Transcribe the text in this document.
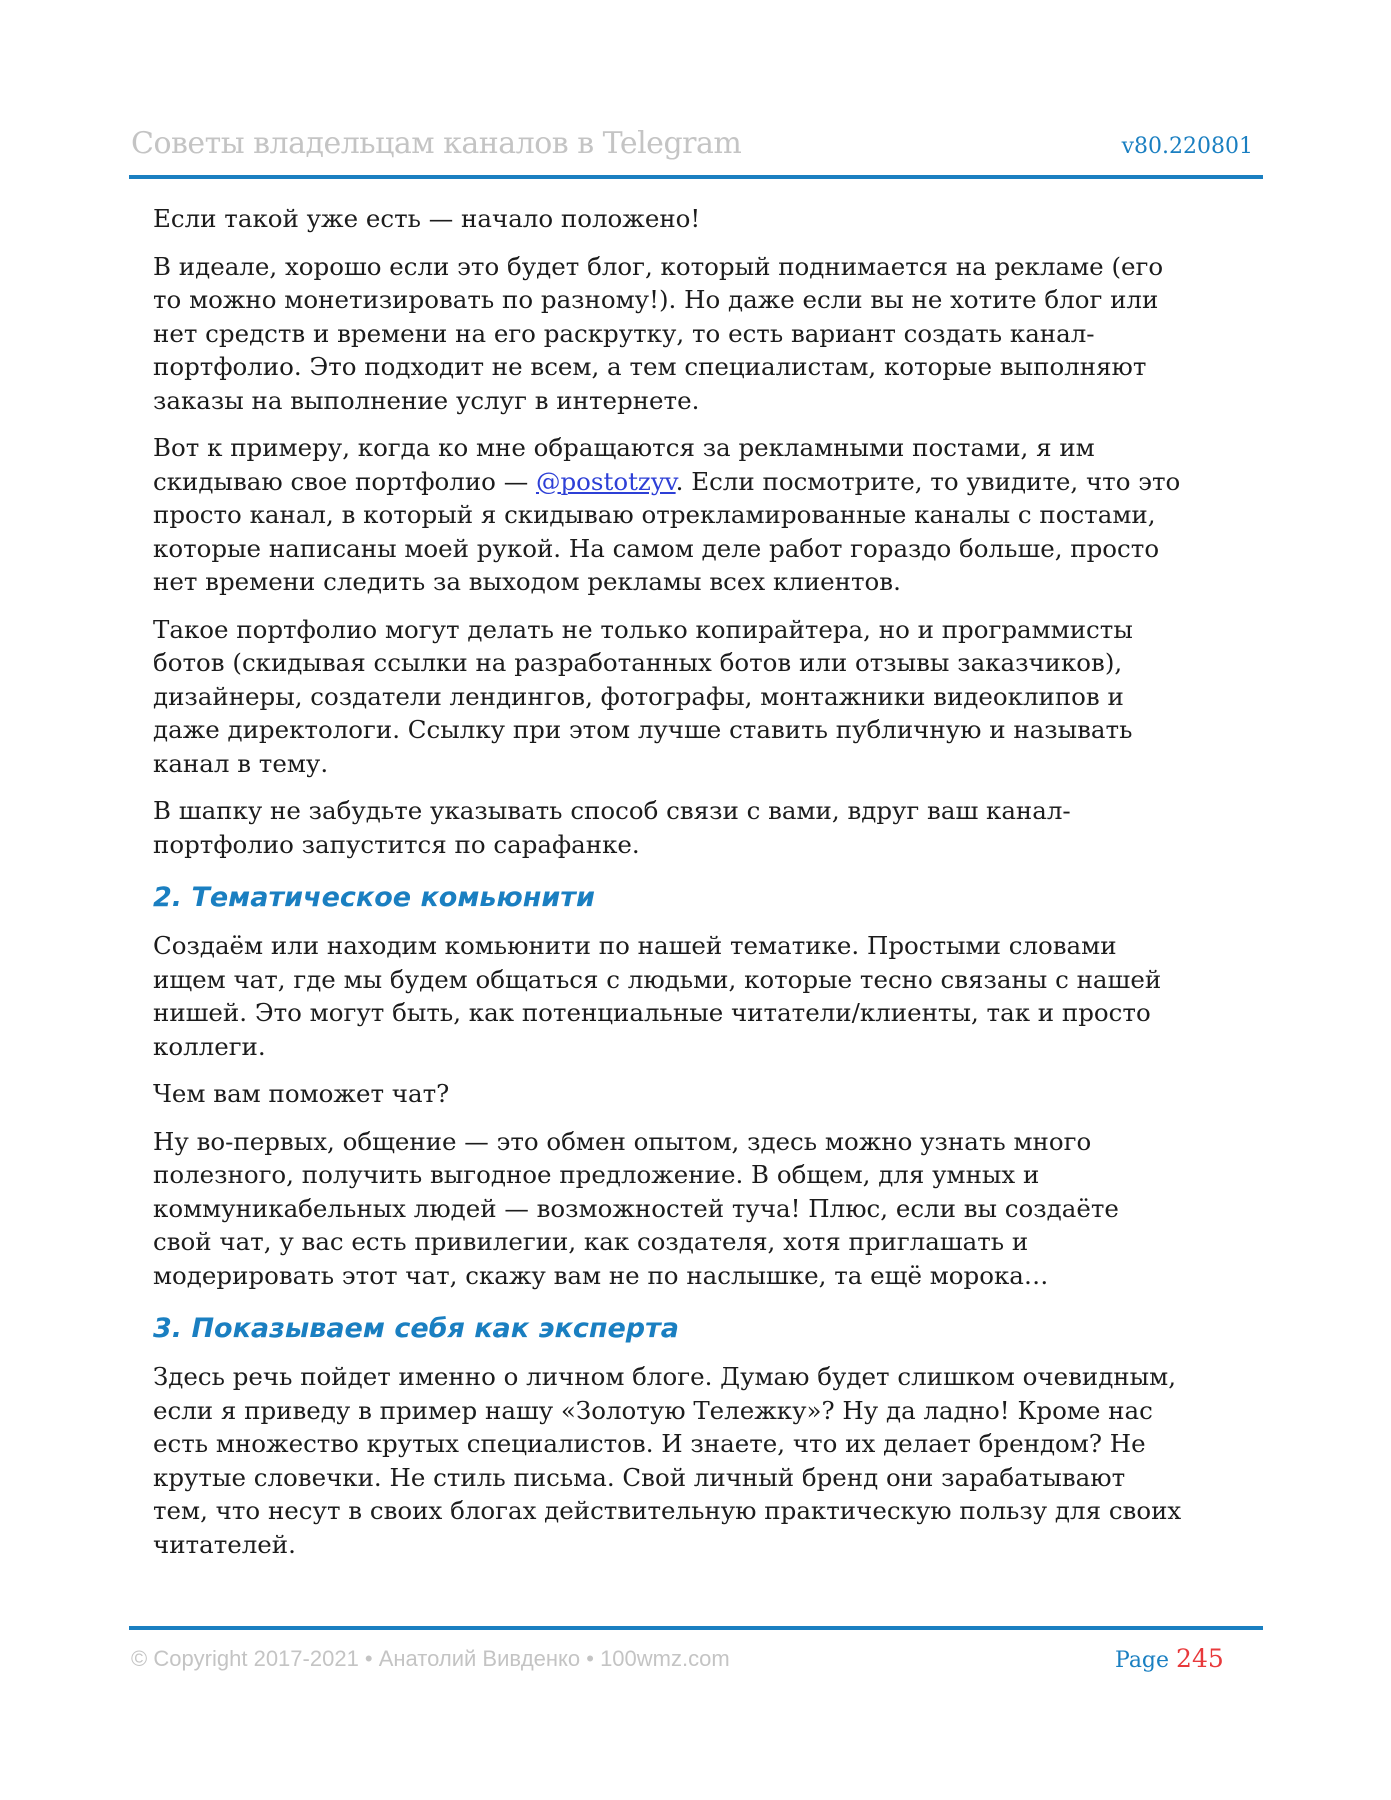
Советы владельцам каналов в Telegram	v80.220801

Если такой уже есть — начало положено!

В идеале, хорошо если это будет блог, который поднимается на рекламе (его
то можно монетизировать по разному!). Но даже если вы не хотите блог или
нет средств и времени на его раскрутку, то есть вариант создать канал-
портфолио. Это подходит не всем, а тем специалистам, которые выполняют
заказы на выполнение услуг в интернете.

Вот к примеру, когда ко мне обращаются за рекламными постами, я им
скидываю свое портфолио — @postotzyv. Если посмотрите, то увидите, что это
просто канал, в который я скидываю отрекламированные каналы с постами,
которые написаны моей рукой. На самом деле работ гораздо больше, просто
нет времени следить за выходом рекламы всех клиентов.

Такое портфолио могут делать не только копирайтера, но и программисты
ботов (скидывая ссылки на разработанных ботов или отзывы заказчиков),
дизайнеры, создатели лендингов, фотографы, монтажники видеоклипов и
даже директологи. Ссылку при этом лучше ставить публичную и называть
канал в тему.

В шапку не забудьте указывать способ связи с вами, вдруг ваш канал-
портфолио запустится по сарафанке.

2. Тематическое комьюнити

Создаём или находим комьюнити по нашей тематике. Простыми словами
ищем чат, где мы будем общаться с людьми, которые тесно связаны с нашей
нишей. Это могут быть, как потенциальные читатели/клиенты, так и просто
коллеги.

Чем вам поможет чат?

Ну во-первых, общение — это обмен опытом, здесь можно узнать много
полезного, получить выгодное предложение. В общем, для умных и
коммуникабельных людей — возможностей туча! Плюс, если вы создаёте
свой чат, у вас есть привилегии, как создателя, хотя приглашать и
модерировать этот чат, скажу вам не по наслышке, та ещё морока…

3. Показываем себя как эксперта

Здесь речь пойдет именно о личном блоге. Думаю будет слишком очевидным,
если я приведу в пример нашу «Золотую Тележку»? Ну да ладно! Кроме нас
есть множество крутых специалистов. И знаете, что их делает брендом? Не
крутые словечки. Не стиль письма. Свой личный бренд они зарабатывают
тем, что несут в своих блогах действительную практическую пользу для своих
читателей.

© Copyright 2017-2021 • Анатолий Вивденко • 100wmz.com	Page 245
